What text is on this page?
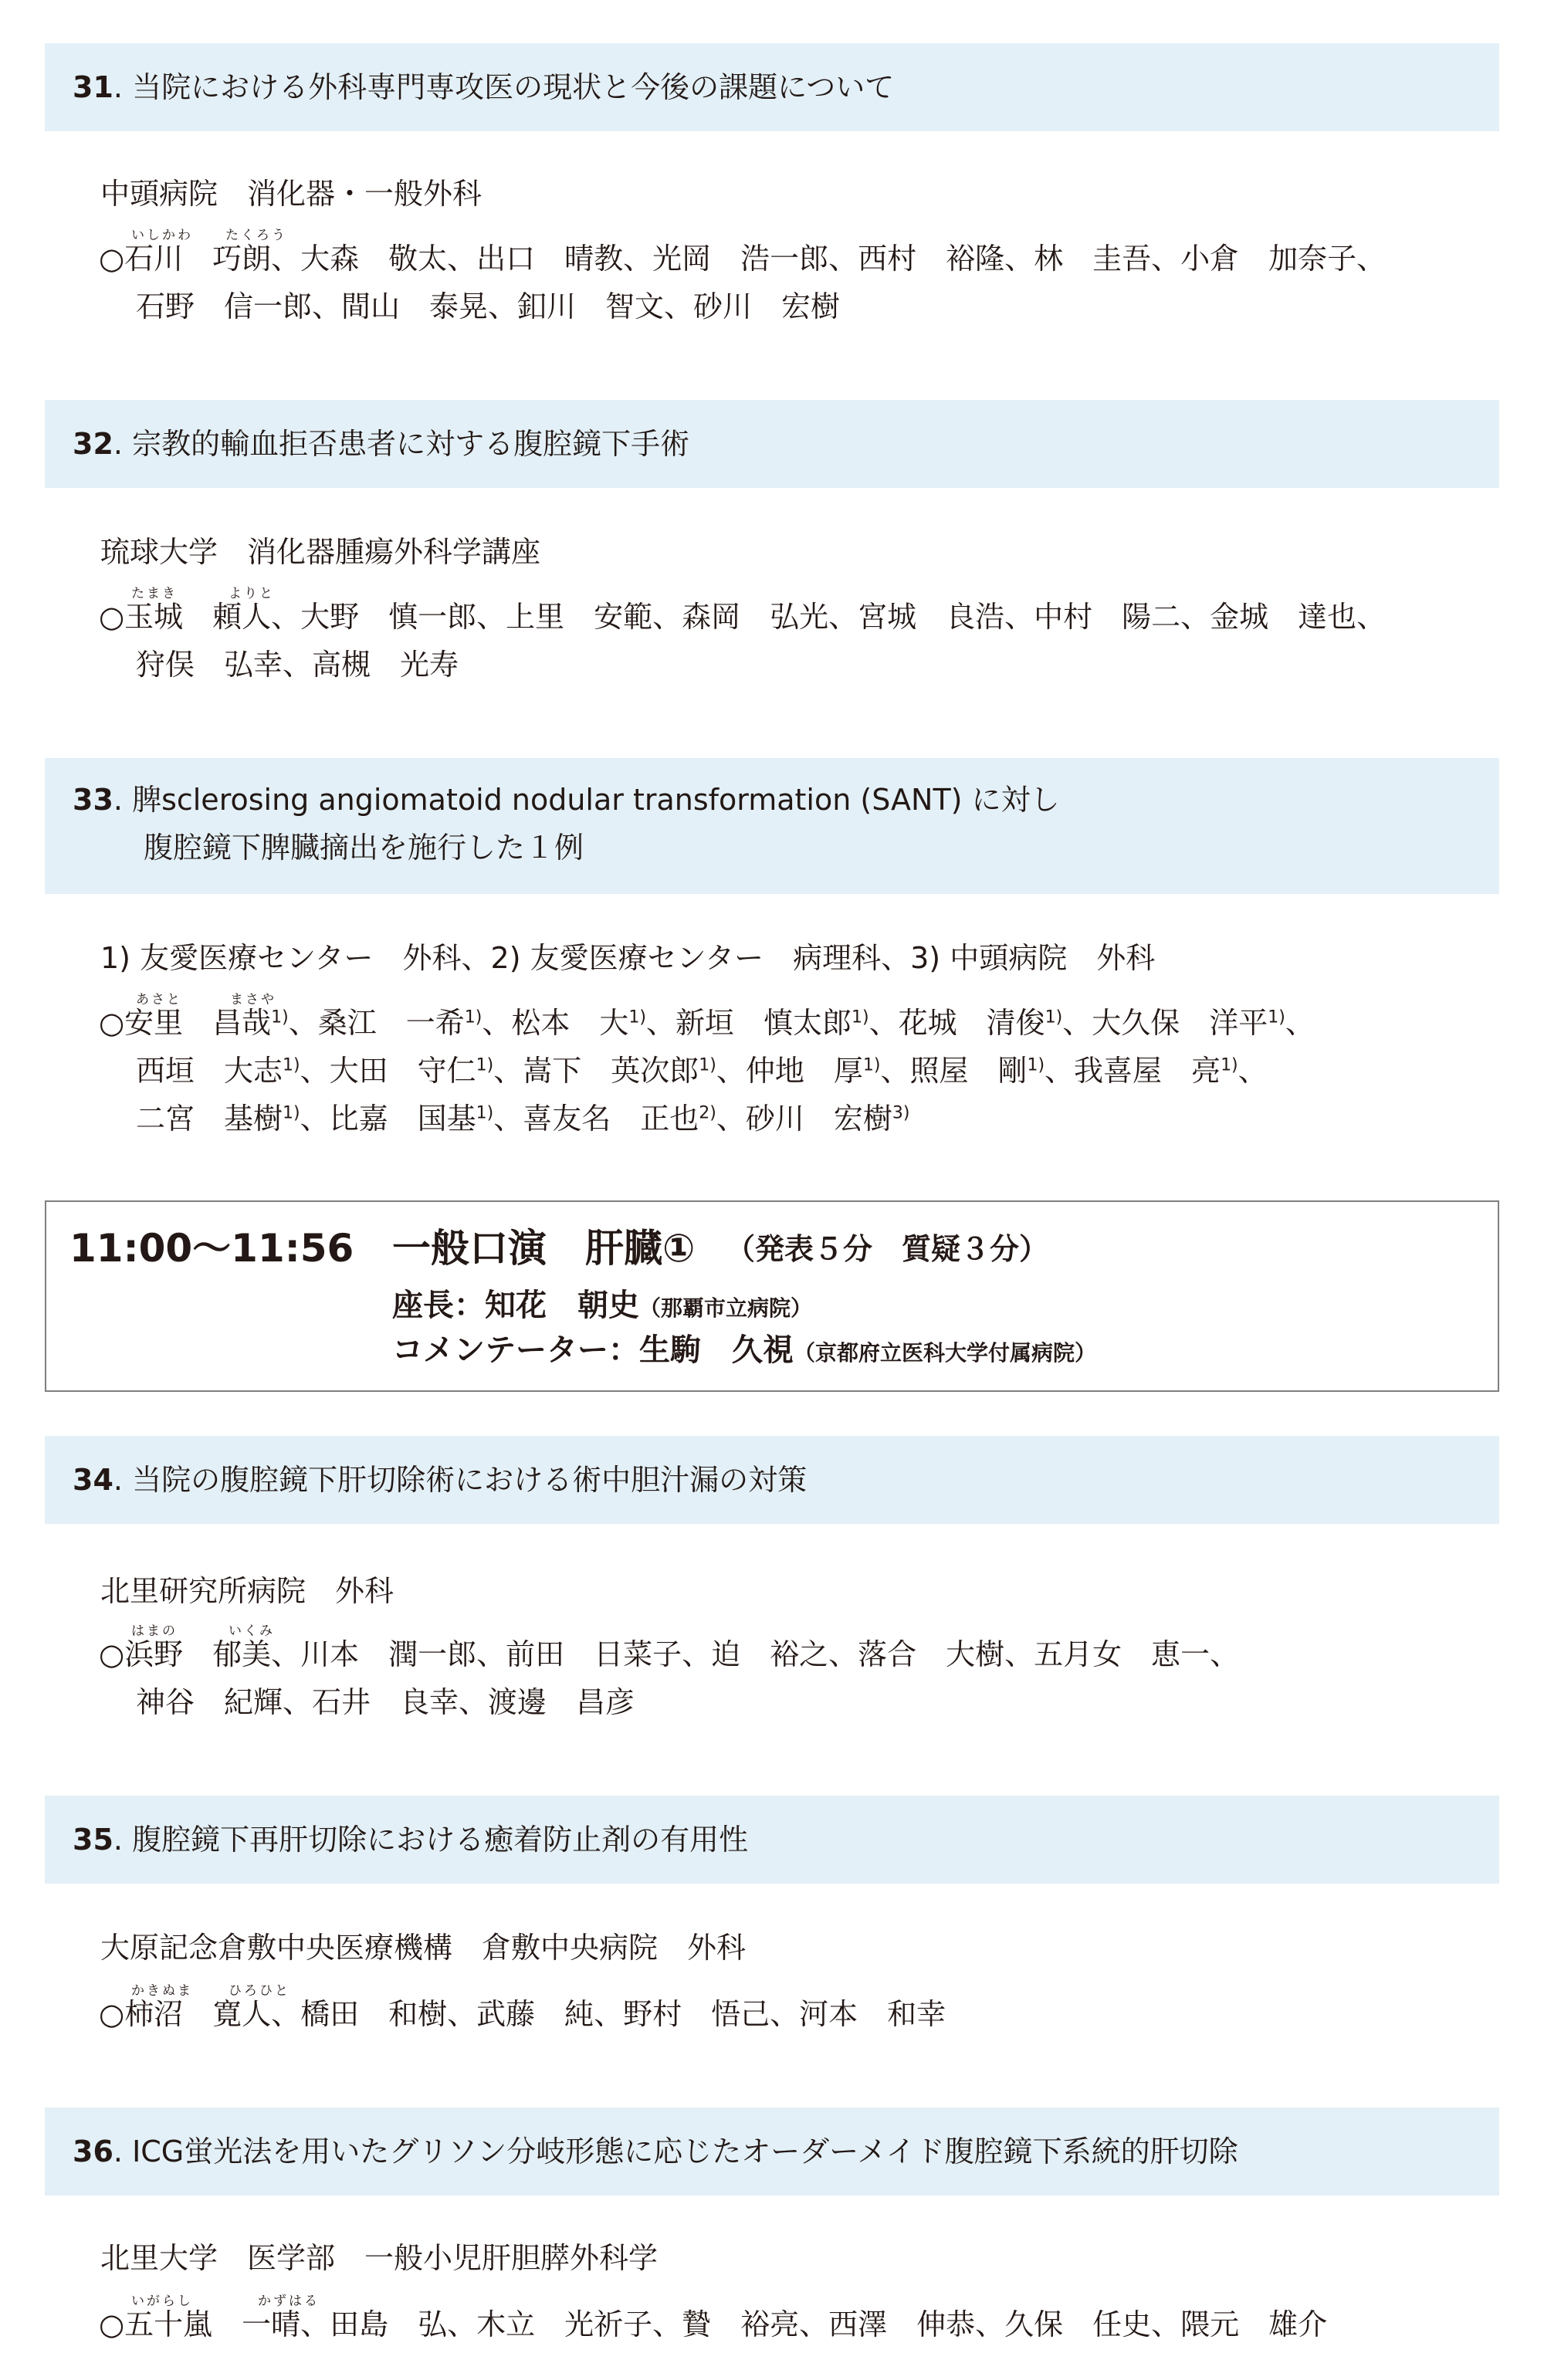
31. 当院における外科専門専攻医の現状と今後の課題について
中頭病院　消化器・一般外科
いしかわ たくろう
○石川　巧朗、大森　敬太、出口　晴教、光岡　浩一郎、西村　裕隆、林　圭吾、小倉　加奈子、
石野　信一郎、間山　泰晃、釦川　智文、砂川　宏樹
32. 宗教的輸血拒否患者に対する腹腔鏡下手術
琉球大学　消化器腫瘍外科学講座
たまき	よりと
○玉城　頼人、大野　慎一郎、上里　安範、森岡　弘光、宮城　良浩、中村　陽二、金城　達也、
狩俣　弘幸、高槻　光寿
33. 脾sclerosing angiomatoid nodular transformation (SANT) に対し
腹腔鏡下脾臓摘出を施行した１例
1) 友愛医療センター　外科、2) 友愛医療センター　病理科、3) 中頭病院　外科
あさと	まさや
○安里　昌哉$^{1)}$、桑江　一希$^{1)}$、松本　大$^{1)}$、新垣　慎太郎$^{1)}$、花城　清俊$^{1)}$、大久保　洋平$^{1)}$、
西垣　大志$^{1)}$、大田　守仁$^{1)}$、嵩下　英次郎$^{1)}$、仲地　厚$^{1)}$、照屋　剛$^{1)}$、我喜屋　亮$^{1)}$、
二宮　基樹$^{1)}$、比嘉　国基$^{1)}$、喜友名　正也$^{2)}$、砂川　宏樹$^{3)}$
11:00〜11:56 一般口演　肝臓① （発表５分　質疑３分）
座長：知花　朝史（那覇市立病院）
コメンテーター：生駒　久視（京都府立医科大学付属病院）
34. 当院の腹腔鏡下肝切除術における術中胆汁漏の対策
北里研究所病院　外科
はまの	いくみ
○浜野　郁美、川本　潤一郎、前田　日菜子、迫　裕之、落合　大樹、五月女　恵一、
神谷　紀輝、石井　良幸、渡邊　昌彦
35. 腹腔鏡下再肝切除における癒着防止剤の有用性
大原記念倉敷中央医療機構　倉敷中央病院　外科
かきぬま	ひろひと
○柿沼　寛人、橋田　和樹、武藤　純、野村　悟己、河本　和幸
36. ICG蛍光法を用いたグリソン分岐形態に応じたオーダーメイド腹腔鏡下系統的肝切除
北里大学　医学部　一般小児肝胆膵外科学
いがらし	かずはる
○五十嵐　一晴、田島　弘、木立　光祈子、贄　裕亮、西澤　伸恭、久保　任史、隈元　雄介
